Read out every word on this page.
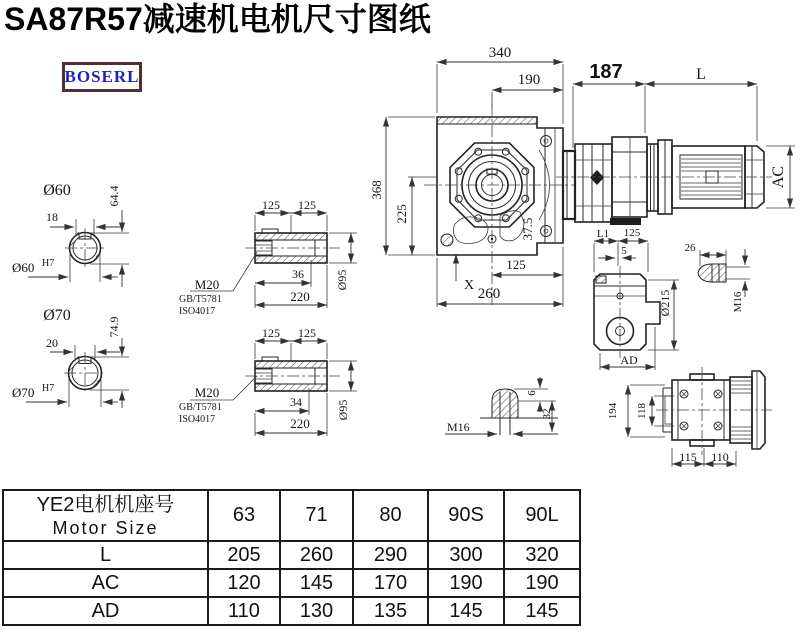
SA87R57减速机电机尺寸图纸
BOSERL
Ø60
18
64.4
Ø60 H7
Ø70
20
74.9
Ø70 H7
125 125
36
220
Ø95
M20
GB/T5781
ISO4017
125 125
34
220
Ø95
M20
GB/T5781
ISO4017
340
190
37.5
368
225
X
125
260
187	L
AC
L1 125
5
Ø215
AD
26
M16
6
32
M16
194 118
115 110
YE2电机机座号
Motor Size	63	71	80	90S	90L
L	205	260	290	300	320
AC	120	145	170	190	190
AD	110	130	135	145	145
